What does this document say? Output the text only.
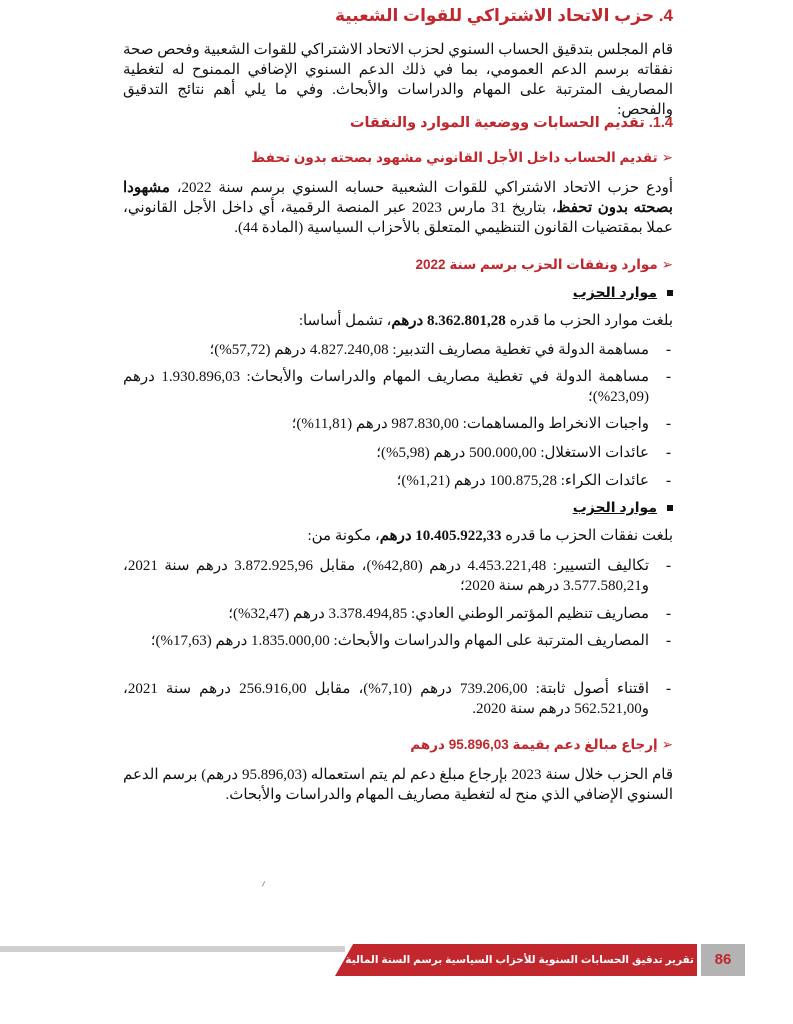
4. حزب الاتحاد الاشتراكي للقوات الشعبية
قام المجلس بتدقيق الحساب السنوي لحزب الاتحاد الاشتراكي للقوات الشعبية وفحص صحة نفقاته برسم الدعم العمومي، بما في ذلك الدعم السنوي الإضافي الممنوح له لتغطية المصاريف المترتبة على المهام والدراسات والأبحاث. وفي ما يلي أهم نتائج التدقيق والفحص:
1.4. تقديم الحسابات ووضعية الموارد والنفقات
➢تقديم الحساب داخل الأجل القانوني مشهود بصحته بدون تحفظ
أودع حزب الاتحاد الاشتراكي للقوات الشعبية حسابه السنوي برسم سنة 2022، مشهودا بصحته بدون تحفظ، بتاريخ 31 مارس 2023 عبر المنصة الرقمية، أي داخل الأجل القانوني، عملا بمقتضيات القانون التنظيمي المتعلق بالأحزاب السياسية (المادة 44).
➢موارد ونفقات الحزب برسم سنة 2022
موارد الحزب
بلغت موارد الحزب ما قدره 8.362.801,28 درهم، تشمل أساسا:
-
مساهمة الدولة في تغطية مصاريف التدبير: 4.827.240,08 درهم (57,72%)؛
-
مساهمة الدولة في تغطية مصاريف المهام والدراسات والأبحاث: 1.930.896,03 درهم (23,09%)؛
-
واجبات الانخراط والمساهمات: 987.830,00 درهم (11,81%)؛
-
عائدات الاستغلال: 500.000,00 درهم (5,98%)؛
-
عائدات الكراء: 100.875,28 درهم (1,21%)؛
موارد الحزب
بلغت نفقات الحزب ما قدره 10.405.922,33 درهم، مكونة من:
-
تكاليف التسيير: 4.453.221,48 درهم (42,80%)، مقابل 3.872.925,96 درهم سنة 2021، و3.577.580,21 درهم سنة 2020؛
-
مصاريف تنظيم المؤتمر الوطني العادي: 3.378.494,85 درهم (32,47%)؛
-
المصاريف المترتبة على المهام والدراسات والأبحاث: 1.835.000,00 درهم (17,63%)؛
-
اقتناء أصول ثابتة: 739.206,00 درهم (7,10%)، مقابل 256.916,00 درهم سنة 2021، و562.521,00 درهم سنة 2020.
➢إرجاع مبالغ دعم بقيمة 95.896,03 درهم
قام الحزب خلال سنة 2023 بإرجاع مبلغ دعم لم يتم استعماله (95.896,03 درهم) برسم الدعم السنوي الإضافي الذي منح له لتغطية مصاريف المهام والدراسات والأبحاث.
تقرير تدقيق الحسابات السنوية للأحزاب السياسية برسم السنة المالية 2022	86
